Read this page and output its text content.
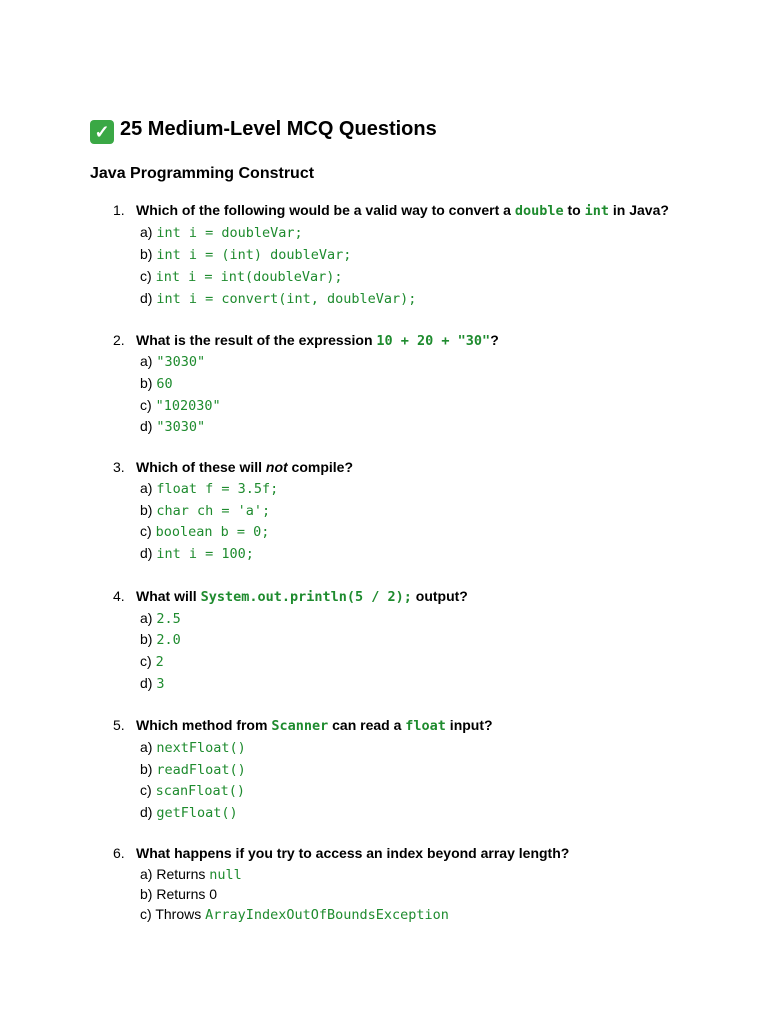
✓ 25 Medium-Level MCQ Questions
Java Programming Construct
1. Which of the following would be a valid way to convert a double to int in Java?
a) int i = doubleVar;
b) int i = (int) doubleVar;
c) int i = int(doubleVar);
d) int i = convert(int, doubleVar);
2. What is the result of the expression 10 + 20 + "30"?
a) "3030"
b) 60
c) "102030"
d) "3030"
3. Which of these will not compile?
a) float f = 3.5f;
b) char ch = 'a';
c) boolean b = 0;
d) int i = 100;
4. What will System.out.println(5 / 2); output?
a) 2.5
b) 2.0
c) 2
d) 3
5. Which method from Scanner can read a float input?
a) nextFloat()
b) readFloat()
c) scanFloat()
d) getFloat()
6. What happens if you try to access an index beyond array length?
a) Returns null
b) Returns 0
c) Throws ArrayIndexOutOfBoundsException
